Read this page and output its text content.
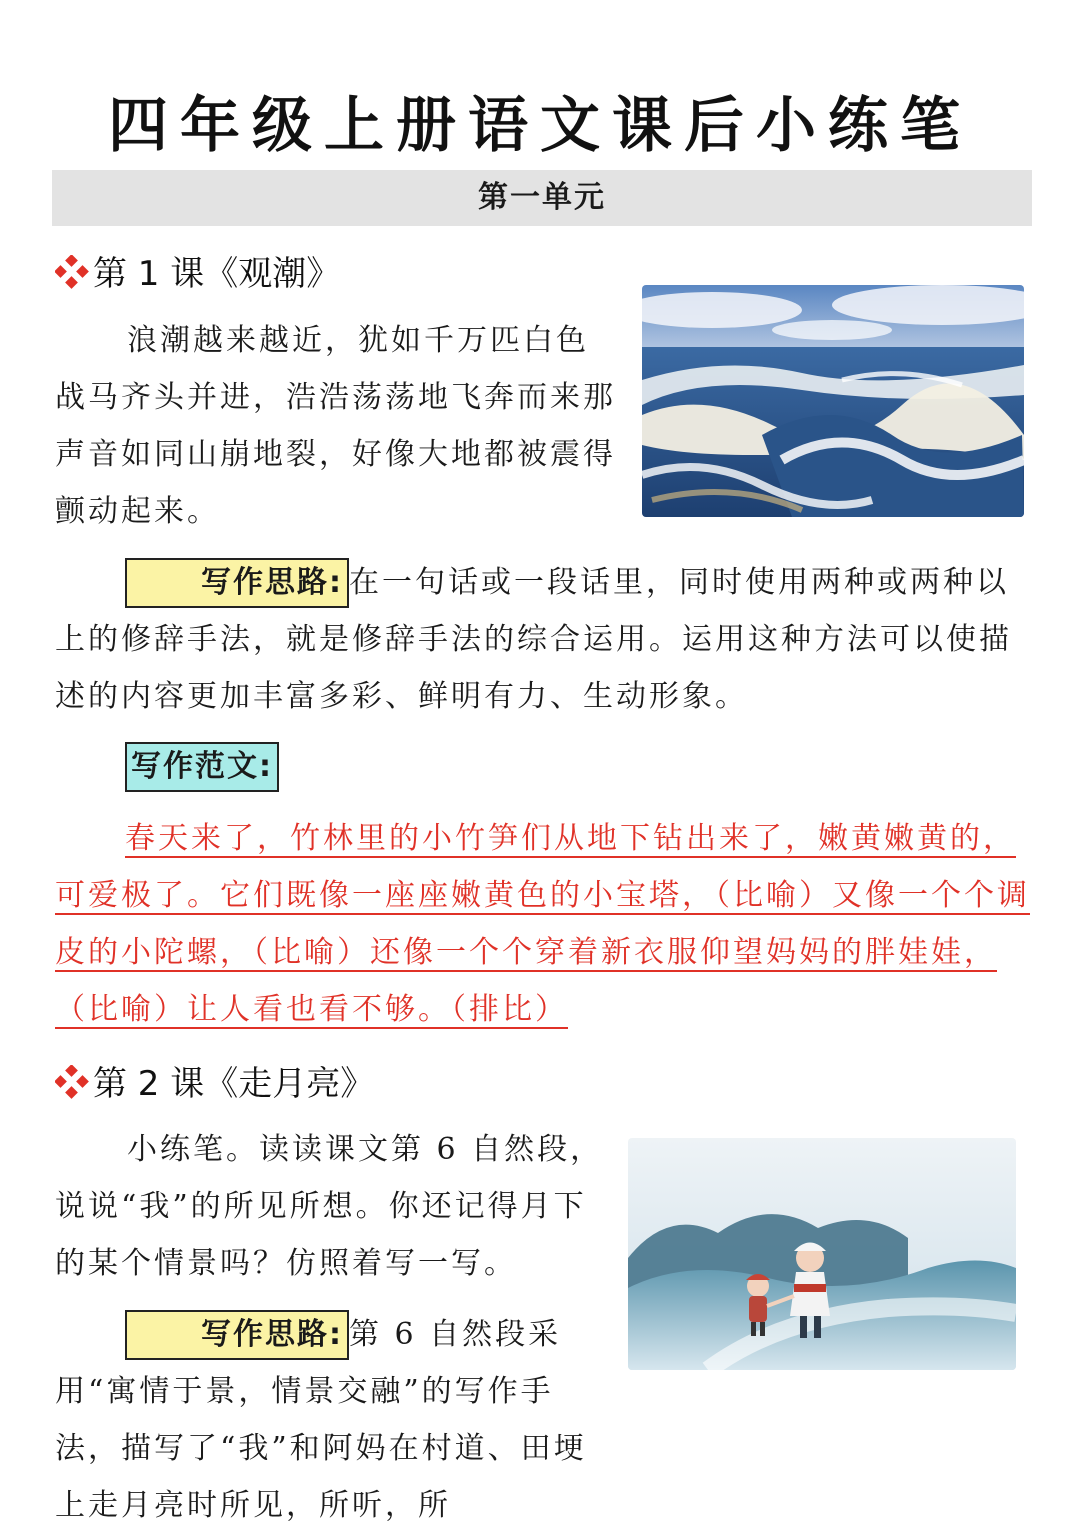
四年级上册语文课后小练笔
第一单元
第 1 课《观潮》

浪潮越来越近，犹如千万匹白色战马齐头并进，浩浩荡荡地飞奔而来那声音如同山崩地裂，好像大地都被震得颤动起来。

写作思路: 在一句话或一段话里，同时使用两种或两种以上的修辞手法，就是修辞手法的综合运用。运用这种方法可以使描述的内容更加丰富多彩、鲜明有力、生动形象。

写作范文:

春天来了，竹林里的小竹笋们从地下钻出来了，嫩黄嫩黄的，可爱极了。它们既像一座座嫩黄色的小宝塔，（比喻）又像一个个调皮的小陀螺，（比喻）还像一个个穿着新衣服仰望妈妈的胖娃娃，（比喻）让人看也看不够。（排比）

第 2 课《走月亮》

小练笔。读读课文第 6 自然段，说说“我”的所见所想。你还记得月下的某个情景吗？仿照着写一写。

写作思路: 第 6 自然段采用“寓情于景，情景交融”的写作手法，描写了“我”和阿妈在村道、田埂上走月亮时所见，所听，所
